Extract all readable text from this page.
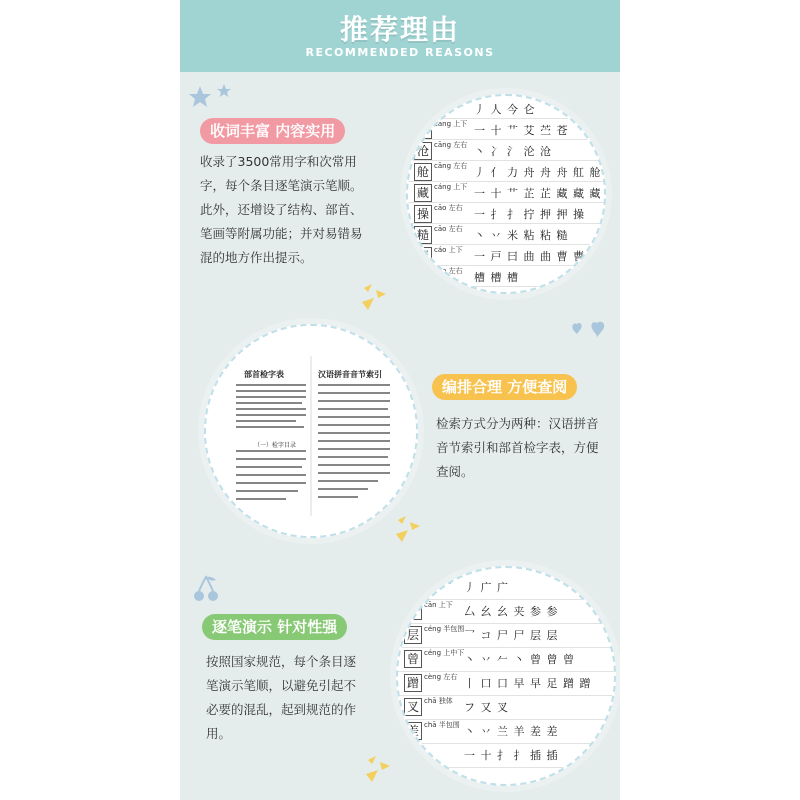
推荐理由
RECOMMENDED REASONS
收词丰富 内容实用
收录了3500常用字和次常用字，每个条目逐笔演示笔顺。此外，还增设了结构、部首、笔画等附属功能；并对易错易混的地方作出提示。
cāng 上下 丿 人 今 仑
苍 cāng 上下 一 十 艹 艾 苎 苍
沧 cāng 左右 丶 冫 氵 沦 沧
舱 cāng 左右 丿 亻 力 舟 舟 舟 舡 舱
藏 cáng 上下 一 十 艹 芷 芷 藏 藏 藏
操 cāo 左右 一 扌 扌 拧 押 押 操
糙 cāo 左右 丶 丷 米 粘 粘 糙
曹 cáo 上下 一 戸 曰 曲 曲 曹 曹
槽 cáo 左右 槽 槽 槽
部首检字表	汉语拼音音节索引
（一）检字目录
编排合理 方便查阅
检索方式分为两种：汉语拼音音节索引和部首检字表，方便查阅。
逐笔演示 针对性强
按照国家规范，每个条目逐笔演示笔顺，以避免引起不必要的混乱，起到规范的作用。
竹部 上下 丿 广 广
参 cān 上下 厶 幺 幺 夹 参 参
层 céng 半包围 乛 コ 尸 尸 层 层
曾 céng 上中下 丶 丷 𠂉 丶 曾 曾 曾
蹭 cèng 左右 丨 口 口 早 早 足 蹭 蹭
叉 chā 独体 フ 又 叉
差 chā 半包围 丶 丷 兰 羊 差 差
一 十 扌 扌 插 插
